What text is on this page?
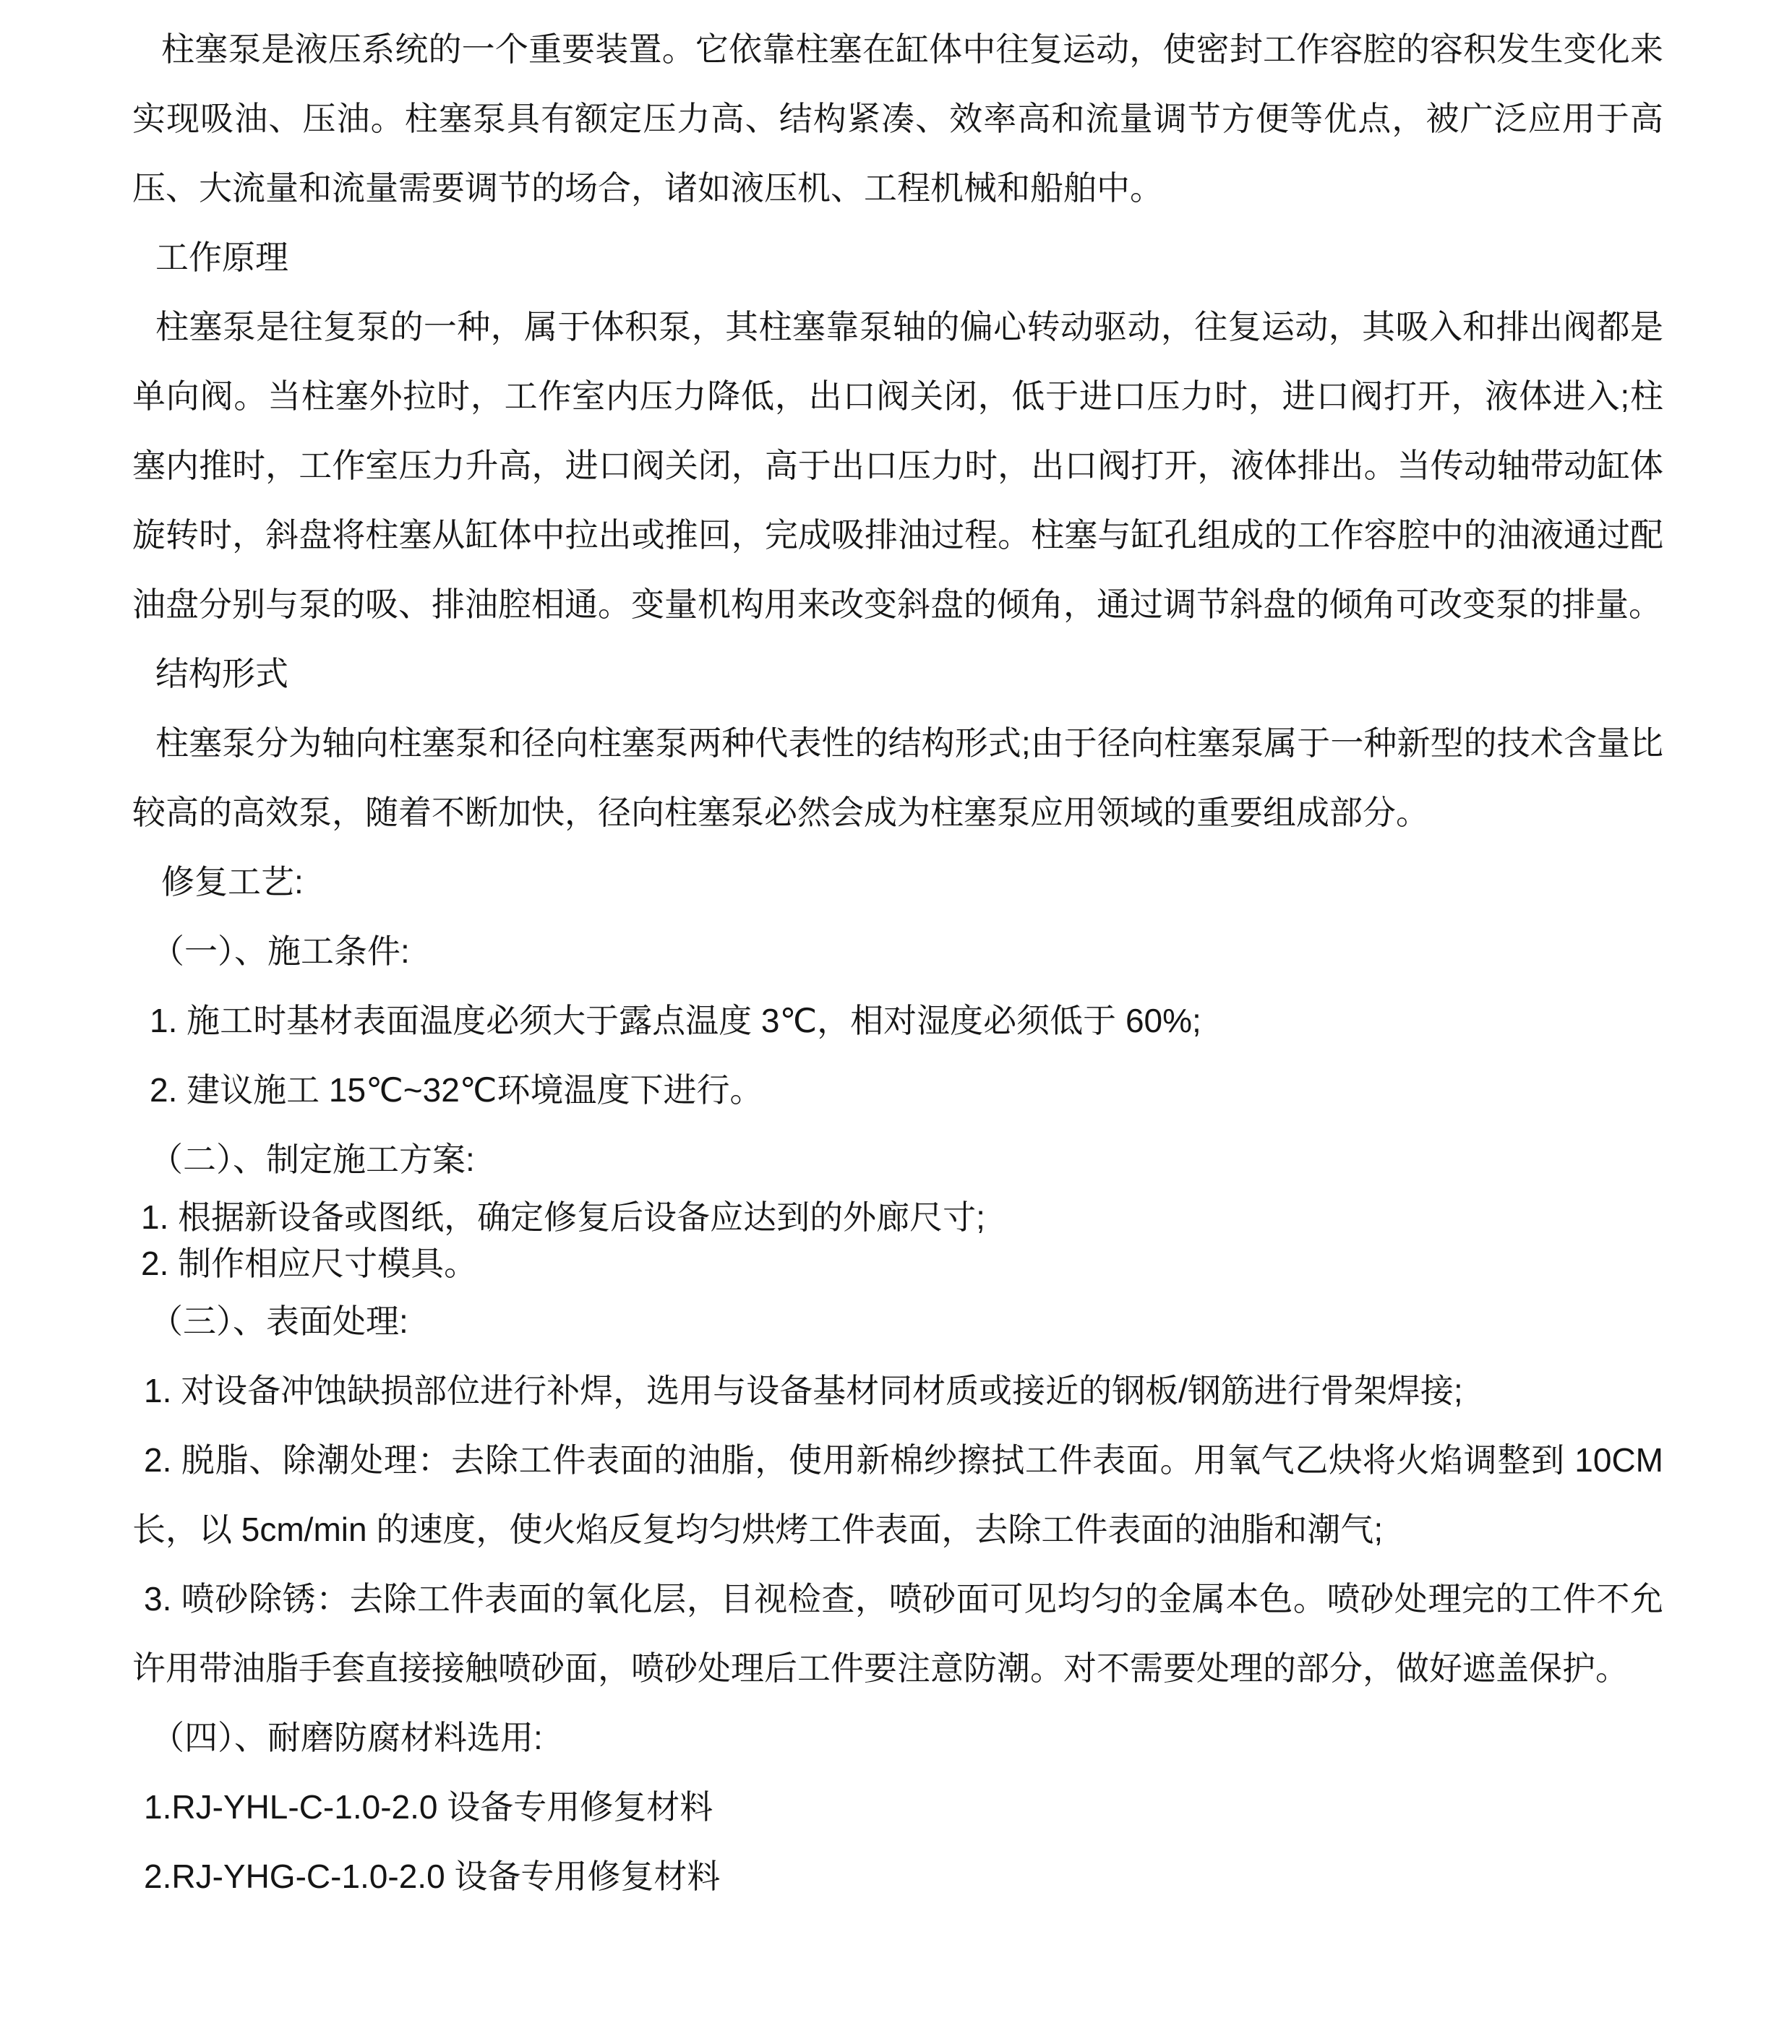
柱塞泵是液压系统的一个重要装置。它依靠柱塞在缸体中往复运动，使密封工作容腔的容积发生变化来实现吸油、压油。柱塞泵具有额定压力高、结构紧凑、效率高和流量调节方便等优点，被广泛应用于高压、大流量和流量需要调节的场合，诸如液压机、工程机械和船舶中。

工作原理

柱塞泵是往复泵的一种，属于体积泵，其柱塞靠泵轴的偏心转动驱动，往复运动，其吸入和排出阀都是单向阀。当柱塞外拉时，工作室内压力降低，出口阀关闭，低于进口压力时，进口阀打开，液体进入;柱塞内推时，工作室压力升高，进口阀关闭，高于出口压力时，出口阀打开，液体排出。当传动轴带动缸体旋转时，斜盘将柱塞从缸体中拉出或推回，完成吸排油过程。柱塞与缸孔组成的工作容腔中的油液通过配油盘分别与泵的吸、排油腔相通。变量机构用来改变斜盘的倾角，通过调节斜盘的倾角可改变泵的排量。

结构形式

柱塞泵分为轴向柱塞泵和径向柱塞泵两种代表性的结构形式;由于径向柱塞泵属于一种新型的技术含量比较高的高效泵，随着不断加快，径向柱塞泵必然会成为柱塞泵应用领域的重要组成部分。

修复工艺:

（一）、施工条件:

1. 施工时基材表面温度必须大于露点温度 3℃，相对湿度必须低于 60%;

2. 建议施工 15℃~32℃环境温度下进行。

（二）、制定施工方案:

1. 根据新设备或图纸，确定修复后设备应达到的外廊尺寸;

2. 制作相应尺寸模具。

（三）、表面处理:

1. 对设备冲蚀缺损部位进行补焊，选用与设备基材同材质或接近的钢板/钢筋进行骨架焊接;

2. 脱脂、除潮处理：去除工件表面的油脂，使用新棉纱擦拭工件表面。用氧气乙炔将火焰调整到 10CM 长，以 5cm/min 的速度，使火焰反复均匀烘烤工件表面，去除工件表面的油脂和潮气;

3. 喷砂除锈：去除工件表面的氧化层，目视检查，喷砂面可见均匀的金属本色。喷砂处理完的工件不允许用带油脂手套直接接触喷砂面，喷砂处理后工件要注意防潮。对不需要处理的部分，做好遮盖保护。

（四）、耐磨防腐材料选用:

1.RJ-YHL-C-1.0-2.0 设备专用修复材料

2.RJ-YHG-C-1.0-2.0 设备专用修复材料
